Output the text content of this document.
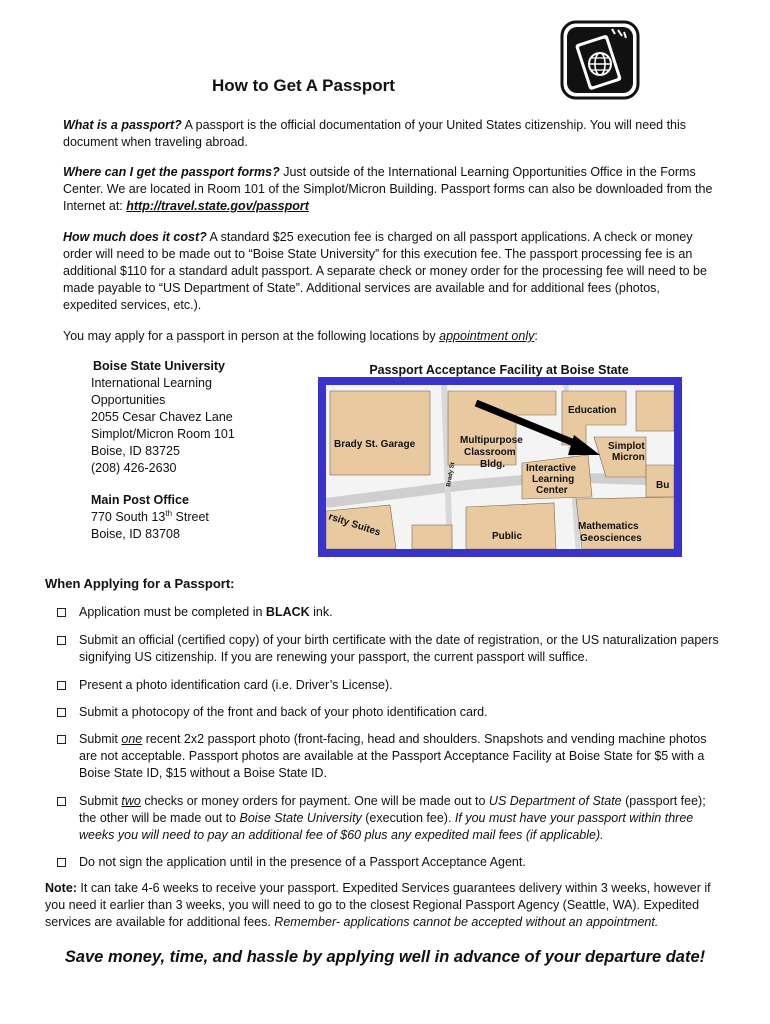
How to Get A Passport

What is a passport? A passport is the official documentation of your United States citizenship. You will need this document when traveling abroad.

Where can I get the passport forms? Just outside of the International Learning Opportunities Office in the Forms Center. We are located in Room 101 of the Simplot/Micron Building. Passport forms can also be downloaded from the Internet at: http://travel.state.gov/passport

How much does it cost? A standard $25 execution fee is charged on all passport applications. A check or money order will need to be made out to “Boise State University” for this execution fee. The passport processing fee is an additional $110 for a standard adult passport. A separate check or money order for the processing fee will need to be made payable to “US Department of State”. Additional services are available and for additional fees (photos, expedited services, etc.).

You may apply for a passport in person at the following locations by appointment only:

Boise State University
International Learning
Opportunities
2055 Cesar Chavez Lane
Simplot/Micron Room 101
Boise, ID 83725
(208) 426-2630
Main Post Office
770 South 13th Street
Boise, ID 83708
Passport Acceptance Facility at Boise State
Brady St. Garage	Multipurpose
Classroom
Bldg. Interactive
Learning
Center
Education
Simplot
Micron
Mathematics
Geosciences
rsity Suites	Public
Bu
Brady St
When Applying for a Passport:
Application must be completed in BLACK ink.
Submit an official (certified copy) of your birth certificate with the date of registration, or the US naturalization papers signifying US citizenship. If you are renewing your passport, the current passport will suffice.
Present a photo identification card (i.e. Driver’s License).
Submit a photocopy of the front and back of your photo identification card.
Submit one recent 2x2 passport photo (front-facing, head and shoulders. Snapshots and vending machine photos are not acceptable. Passport photos are available at the Passport Acceptance Facility at Boise State for $5 with a Boise State ID, $15 without a Boise State ID.
Submit two checks or money orders for payment. One will be made out to US Department of State (passport fee); the other will be made out to Boise State University (execution fee). If you must have your passport within three weeks you will need to pay an additional fee of $60 plus any expedited mail fees (if applicable).
Do not sign the application until in the presence of a Passport Acceptance Agent.

Note: It can take 4-6 weeks to receive your passport. Expedited Services guarantees delivery within 3 weeks, however if you need it earlier than 3 weeks, you will need to go to the closest Regional Passport Agency (Seattle, WA). Expedited services are available for additional fees. Remember- applications cannot be accepted without an appointment.

Save money, time, and hassle by applying well in advance of your departure date!
